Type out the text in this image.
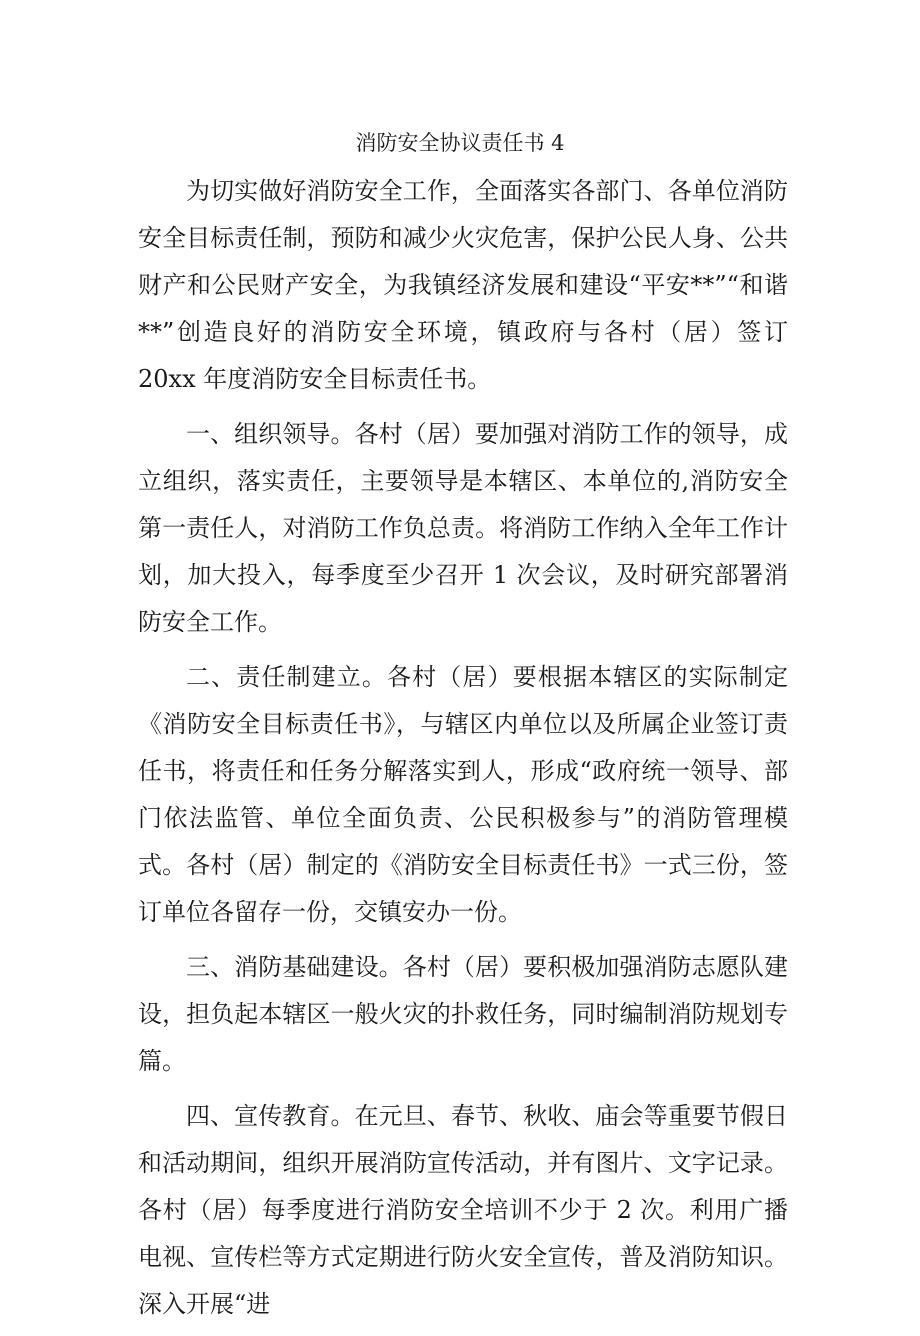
消防安全协议责任书 4

为切实做好消防安全工作，全面落实各部门、各单位消防安全目标责任制，预防和减少火灾危害，保护公民人身、公共财产和公民财产安全，为我镇经济发展和建设“平安**”“和谐**”创造良好的消防安全环境，镇政府与各村（居）签订 20xx 年度消防安全目标责任书。

一、组织领导。各村（居）要加强对消防工作的领导，成立组织，落实责任，主要领导是本辖区、本单位的,消防安全第一责任人，对消防工作负总责。将消防工作纳入全年工作计划，加大投入，每季度至少召开 1 次会议，及时研究部署消防安全工作。

二、责任制建立。各村（居）要根据本辖区的实际制定《消防安全目标责任书》，与辖区内单位以及所属企业签订责任书，将责任和任务分解落实到人，形成“政府统一领导、部门依法监管、单位全面负责、公民积极参与”的消防管理模式。各村（居）制定的《消防安全目标责任书》一式三份，签订单位各留存一份，交镇安办一份。

三、消防基础建设。各村（居）要积极加强消防志愿队建设，担负起本辖区一般火灾的扑救任务，同时编制消防规划专篇。

四、宣传教育。在元旦、春节、秋收、庙会等重要节假日和活动期间，组织开展消防宣传活动，并有图片、文字记录。各村（居）每季度进行消防安全培训不少于 2 次。利用广播电视、宣传栏等方式定期进行防火安全宣传，普及消防知识。深入开展“进
